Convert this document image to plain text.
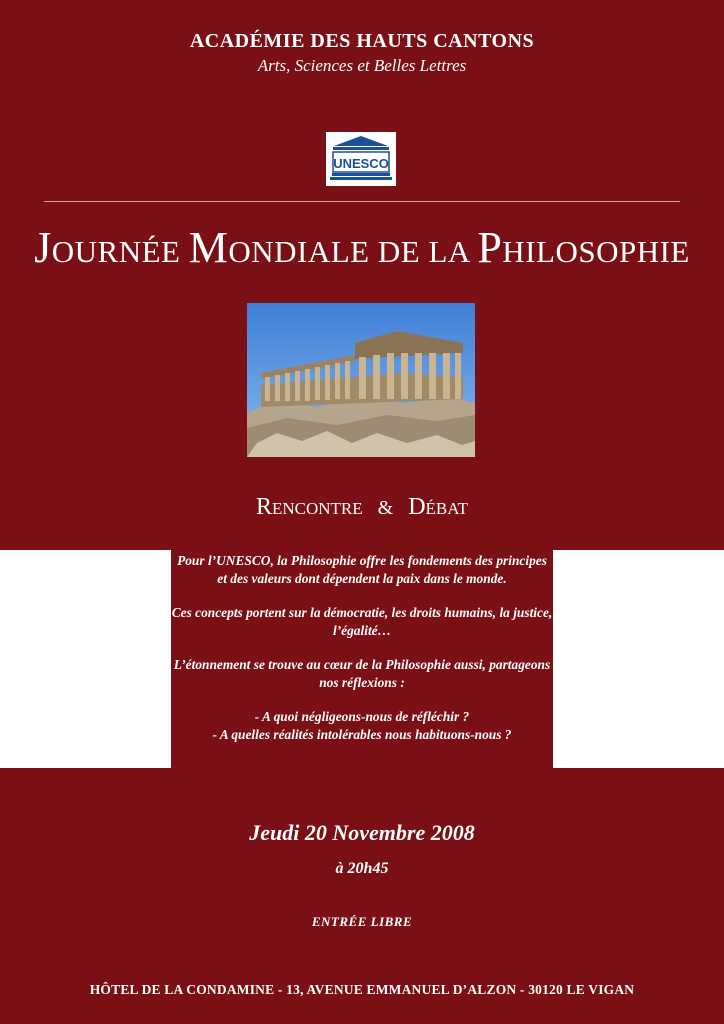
ACADÉMIE DES HAUTS CANTONS
Arts, Sciences et Belles Lettres
UNESCO
JOURNÉE MONDIALE DE LA PHILOSOPHIE
RENCONTRE & DÉBAT

Pour l’UNESCO, la Philosophie offre les fondements des principes et des valeurs dont dépendent la paix dans le monde.

Ces concepts portent sur la démocratie, les droits humains, la justice, l’égalité…

L’étonnement se trouve au cœur de la Philosophie aussi, partageons nos réflexions :

- A quoi négligeons-nous de réfléchir ?
- A quelles réalités intolérables nous habituons-nous ?
Jeudi 20 Novembre 2008
à 20h45
ENTRÉE LIBRE
HÔTEL DE LA CONDAMINE - 13, AVENUE EMMANUEL D’ALZON - 30120 LE VIGAN
